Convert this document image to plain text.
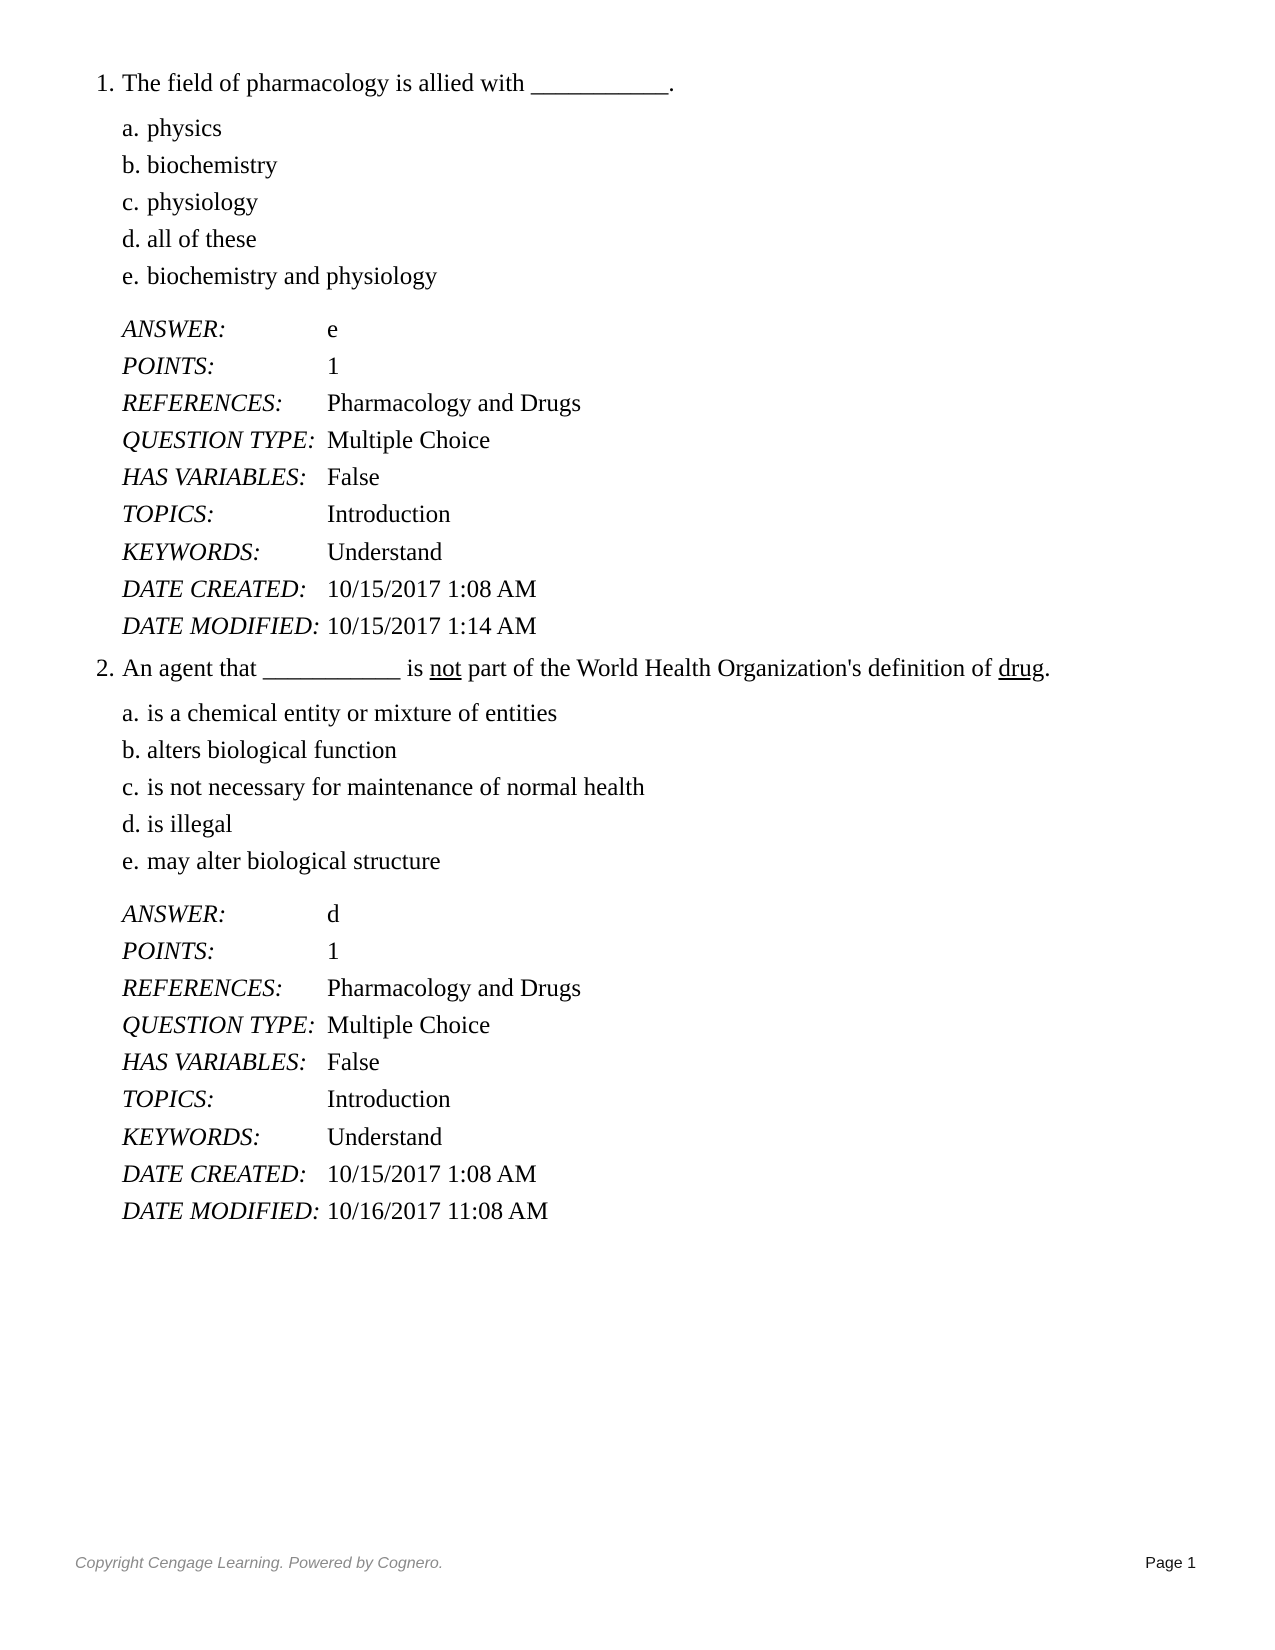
1. The field of pharmacology is allied with ___________.
a. physics
b. biochemistry
c. physiology
d. all of these
e. biochemistry and physiology
ANSWER:	e
POINTS:	1
REFERENCES:	Pharmacology and Drugs
QUESTION TYPE:	Multiple Choice
HAS VARIABLES:	False
TOPICS:	Introduction
KEYWORDS:	Understand
DATE CREATED:	10/15/2017 1:08 AM
DATE MODIFIED:	10/15/2017 1:14 AM
2. An agent that ___________ is not part of the World Health Organization's definition of drug.
a. is a chemical entity or mixture of entities
b. alters biological function
c. is not necessary for maintenance of normal health
d. is illegal
e. may alter biological structure
ANSWER:	d
POINTS:	1
REFERENCES:	Pharmacology and Drugs
QUESTION TYPE:	Multiple Choice
HAS VARIABLES:	False
TOPICS:	Introduction
KEYWORDS:	Understand
DATE CREATED:	10/15/2017 1:08 AM
DATE MODIFIED:	10/16/2017 11:08 AM
Copyright Cengage Learning. Powered by Cognero.	Page 1
